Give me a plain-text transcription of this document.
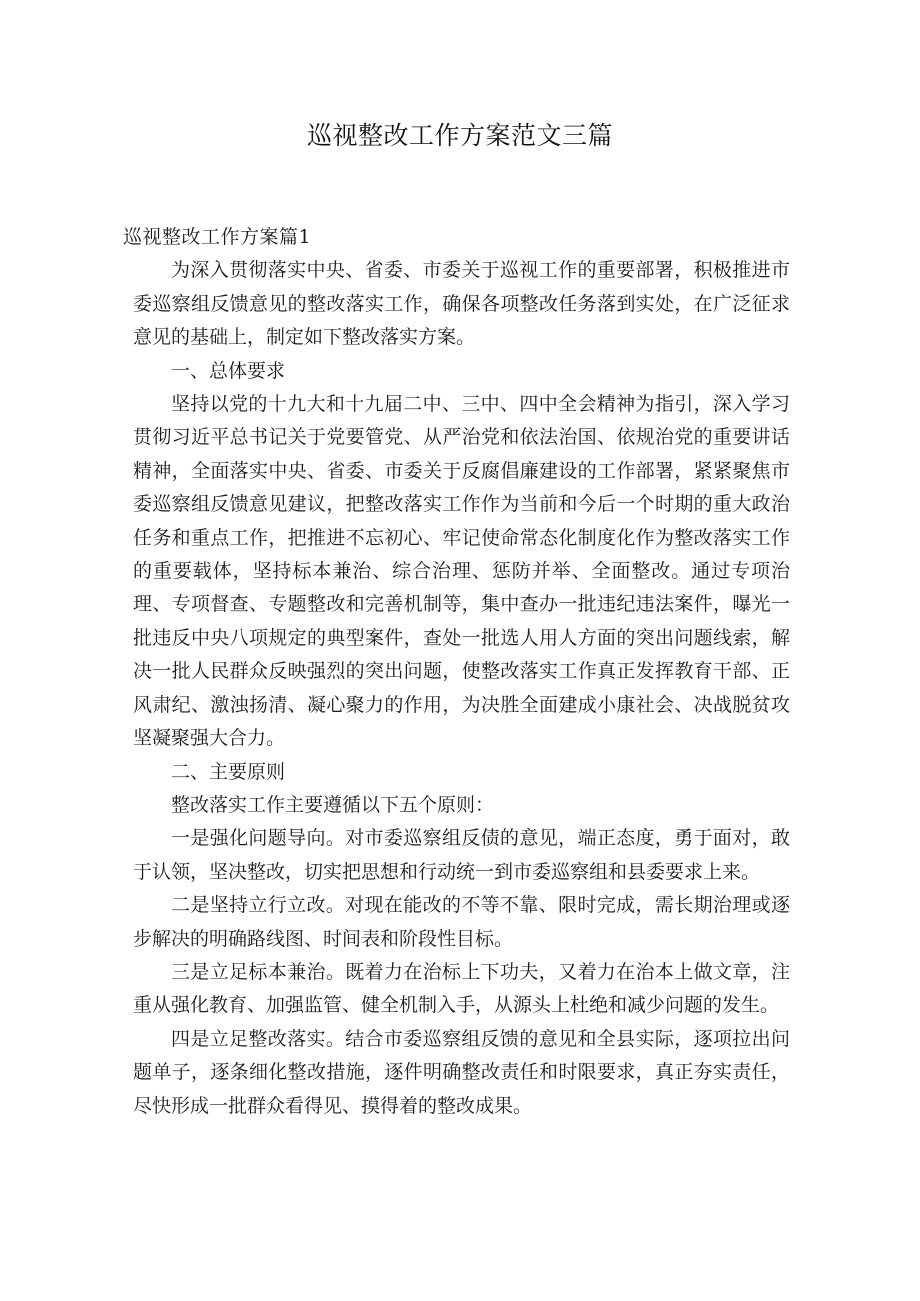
巡视整改工作方案范文三篇

巡视整改工作方案篇1

为深入贯彻落实中央、省委、市委关于巡视工作的重要部署，积极推进市委巡察组反馈意见的整改落实工作，确保各项整改任务落到实处，在广泛征求意见的基础上，制定如下整改落实方案。

一、总体要求

坚持以党的十九大和十九届二中、三中、四中全会精神为指引，深入学习贯彻习近平总书记关于党要管党、从严治党和依法治国、依规治党的重要讲话精神，全面落实中央、省委、市委关于反腐倡廉建设的工作部署，紧紧聚焦市委巡察组反馈意见建议，把整改落实工作作为当前和今后一个时期的重大政治任务和重点工作，把推进不忘初心、牢记使命常态化制度化作为整改落实工作的重要载体，坚持标本兼治、综合治理、惩防并举、全面整改。通过专项治理、专项督查、专题整改和完善机制等，集中查办一批违纪违法案件，曝光一批违反中央八项规定的典型案件，查处一批选人用人方面的突出问题线索，解决一批人民群众反映强烈的突出问题，使整改落实工作真正发挥教育干部、正风肃纪、激浊扬清、凝心聚力的作用，为决胜全面建成小康社会、决战脱贫攻坚凝聚强大合力。

二、主要原则

整改落实工作主要遵循以下五个原则：

一是强化问题导向。对市委巡察组反债的意见，端正态度，勇于面对，敢于认领，坚决整改，切实把思想和行动统一到市委巡察组和县委要求上来。

二是坚持立行立改。对现在能改的不等不靠、限时完成，需长期治理或逐步解决的明确路线图、时间表和阶段性目标。

三是立足标本兼治。既着力在治标上下功夫，又着力在治本上做文章，注重从强化教育、加强监管、健全机制入手，从源头上杜绝和减少问题的发生。

四是立足整改落实。结合市委巡察组反馈的意见和全县实际，逐项拉出问题单子，逐条细化整改措施，逐件明确整改责任和时限要求，真正夯实责任，尽快形成一批群众看得见、摸得着的整改成果。
